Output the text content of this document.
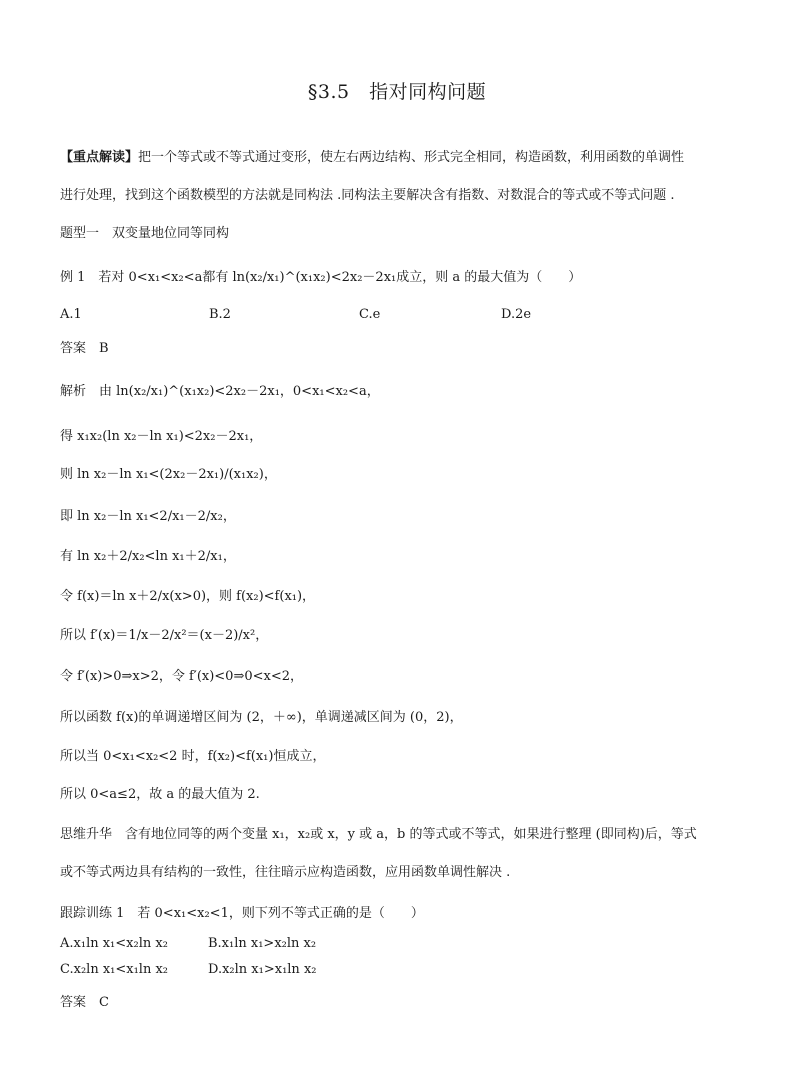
§3.5　指对同构问题
【重点解读】把一个等式或不等式通过变形，使左右两边结构、形式完全相同，构造函数，利用函数的单调性
进行处理，找到这个函数模型的方法就是同构法 .同构法主要解决含有指数、对数混合的等式或不等式问题 .
题型一　双变量地位同等同构
例 1　若对 0<x₁<x₂<a都有 ln(x₂/x₁)^(x₁x₂)<2x₂－2x₁成立，则 a 的最大值为（　　）
A.1	B.2	C.e	D.2e
答案　B
解析　由 ln(x₂/x₁)^(x₁x₂)<2x₂－2x₁，0<x₁<x₂<a，
得 x₁x₂(ln x₂－ln x₁)<2x₂－2x₁，
则 ln x₂－ln x₁<(2x₂－2x₁)/(x₁x₂)，
即 ln x₂－ln x₁<2/x₁－2/x₂，
有 ln x₂＋2/x₂<ln x₁＋2/x₁，
令 f(x)＝ln x＋2/x(x>0)，则 f(x₂)<f(x₁)，
所以 f′(x)＝1/x－2/x²＝(x－2)/x²，
令 f′(x)>0⇒x>2，令 f′(x)<0⇒0<x<2，
所以函数 f(x)的单调递增区间为 (2，＋∞)，单调递减区间为 (0，2)，
所以当 0<x₁<x₂<2 时，f(x₂)<f(x₁)恒成立，
所以 0<a≤2，故 a 的最大值为 2.
思维升华　含有地位同等的两个变量 x₁，x₂或 x，y 或 a，b 的等式或不等式，如果进行整理 (即同构)后，等式
或不等式两边具有结构的一致性，往往暗示应构造函数，应用函数单调性解决 .
跟踪训练 1　若 0<x₁<x₂<1，则下列不等式正确的是（　　）
A.x₁ln x₁<x₂ln x₂	B.x₁ln x₁>x₂ln x₂
C.x₂ln x₁<x₁ln x₂	D.x₂ln x₁>x₁ln x₂
答案　C
